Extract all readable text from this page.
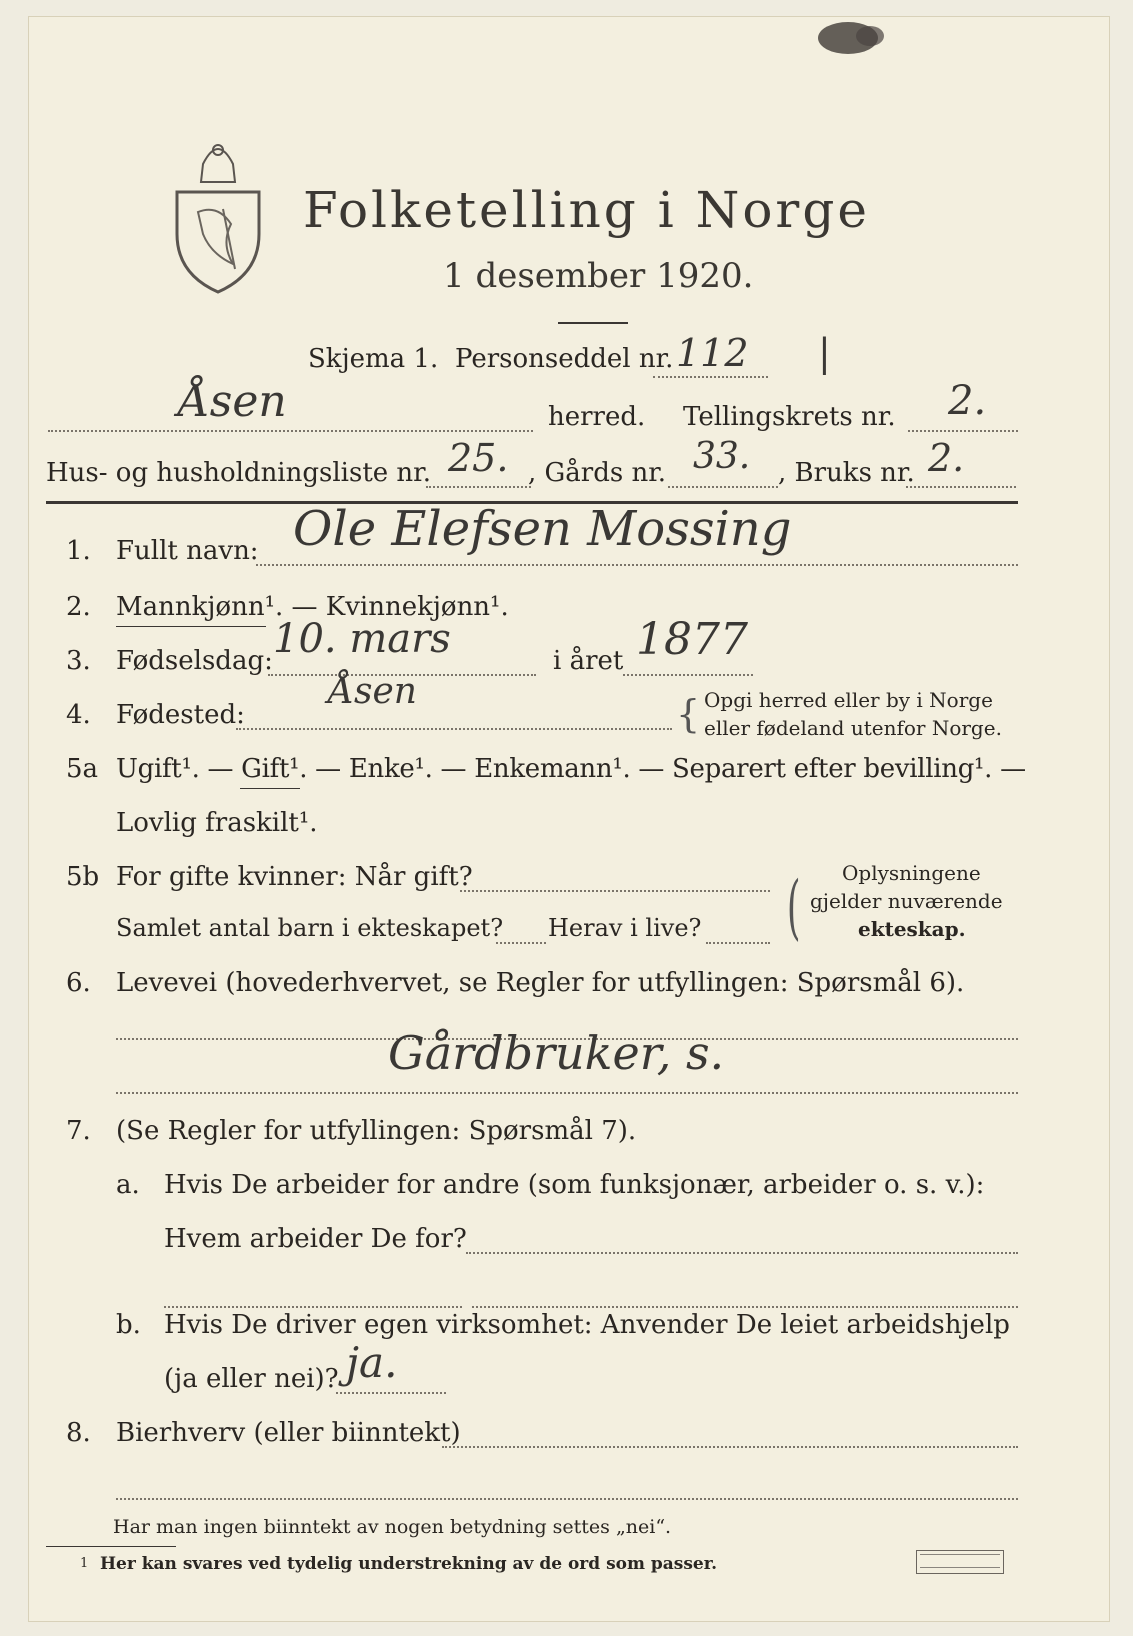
Folketelling i Norge
1 desember 1920.
Skjema 1. Personseddel nr. 112 |
Åsen	herred. Tellingskrets nr. 2.
Hus- og husholdningsliste nr. 25. , Gårds nr. 33. , Bruks nr. 2.
1. Fullt navn: Ole Elefsen Mossing
2. Mannkjønn¹. — Kvinnekjønn¹.
3. Fødselsdag: 10. mars	i året 1877
4. Fødested:
Åsen
{ Opgi herred eller by i Norge
eller fødeland utenfor Norge.
5a Ugift¹. — Gift¹. — Enke¹. — Enkemann¹. — Separert efter bevilling¹. —
Lovlig fraskilt¹.
5b For gifte kvinner: Når gift?
Samlet antal barn i ekteskapet? Herav i live? ( Oplysningene
gjelder nuværende
ekteskap.
6. Levevei (hovederhvervet, se Regler for utfyllingen: Spørsmål 6).
Gårdbruker, s.
7. (Se Regler for utfyllingen: Spørsmål 7).
a. Hvis De arbeider for andre (som funksjonær, arbeider o. s. v.):
Hvem arbeider De for?
b. Hvis De driver egen virksomhet: Anvender De leiet arbeidshjelp
(ja eller nei)? ja.
8. Bierhverv (eller biinntekt)
Har man ingen biinntekt av nogen betydning settes „nei“.
1 Her kan svares ved tydelig understrekning av de ord som passer.
